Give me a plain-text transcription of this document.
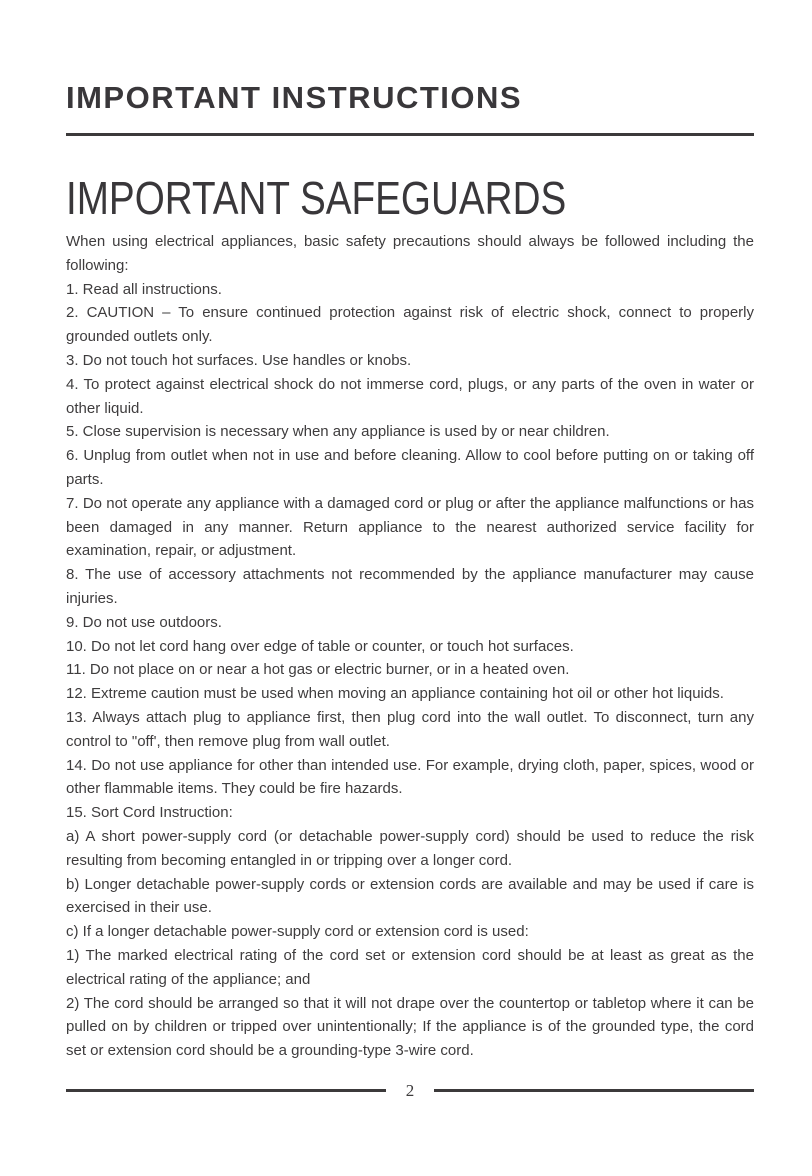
IMPORTANT INSTRUCTIONS
IMPORTANT SAFEGUARDS

When using electrical appliances, basic safety precautions should always be followed including the following:

1. Read all instructions.

2. CAUTION – To ensure continued protection against risk of electric shock, connect to properly grounded outlets only.

3. Do not touch hot surfaces. Use handles or knobs.

4. To protect against electrical shock do not immerse cord, plugs, or any parts of the oven in water or other liquid.

5. Close supervision is necessary when any appliance is used by or near children.

6. Unplug from outlet when not in use and before cleaning. Allow to cool before putting on or taking off parts.

7. Do not operate any appliance with a damaged cord or plug or after the appliance malfunctions or has been damaged in any manner. Return appliance to the nearest authorized service facility for examination, repair, or adjustment.

8. The use of accessory attachments not recommended by the appliance manufacturer may cause injuries.

9. Do not use outdoors.

10. Do not let cord hang over edge of table or counter, or touch hot surfaces.

11. Do not place on or near a hot gas or electric burner, or in a heated oven.

12. Extreme caution must be used when moving an appliance containing hot oil or other hot liquids.

13. Always attach plug to appliance first, then plug cord into the wall outlet. To disconnect, turn any control to "off', then remove plug from wall outlet.

14. Do not use appliance for other than intended use. For example, drying cloth, paper, spices, wood or other flammable items. They could be fire hazards.

15. Sort Cord Instruction:

a) A short power-supply cord (or detachable power-supply cord) should be used to reduce the risk resulting from becoming entangled in or tripping over a longer cord.

b) Longer detachable power-supply cords or extension cords are available and may be used if care is exercised in their use.

c) If a longer detachable power-supply cord or extension cord is used:

1) The marked electrical rating of the cord set or extension cord should be at least as great as the electrical rating of the appliance; and

2) The cord should be arranged so that it will not drape over the countertop or tabletop where it can be pulled on by children or tripped over unintentionally; If the appliance is of the grounded type, the cord set or extension cord should be a grounding-type 3-wire cord.

2
